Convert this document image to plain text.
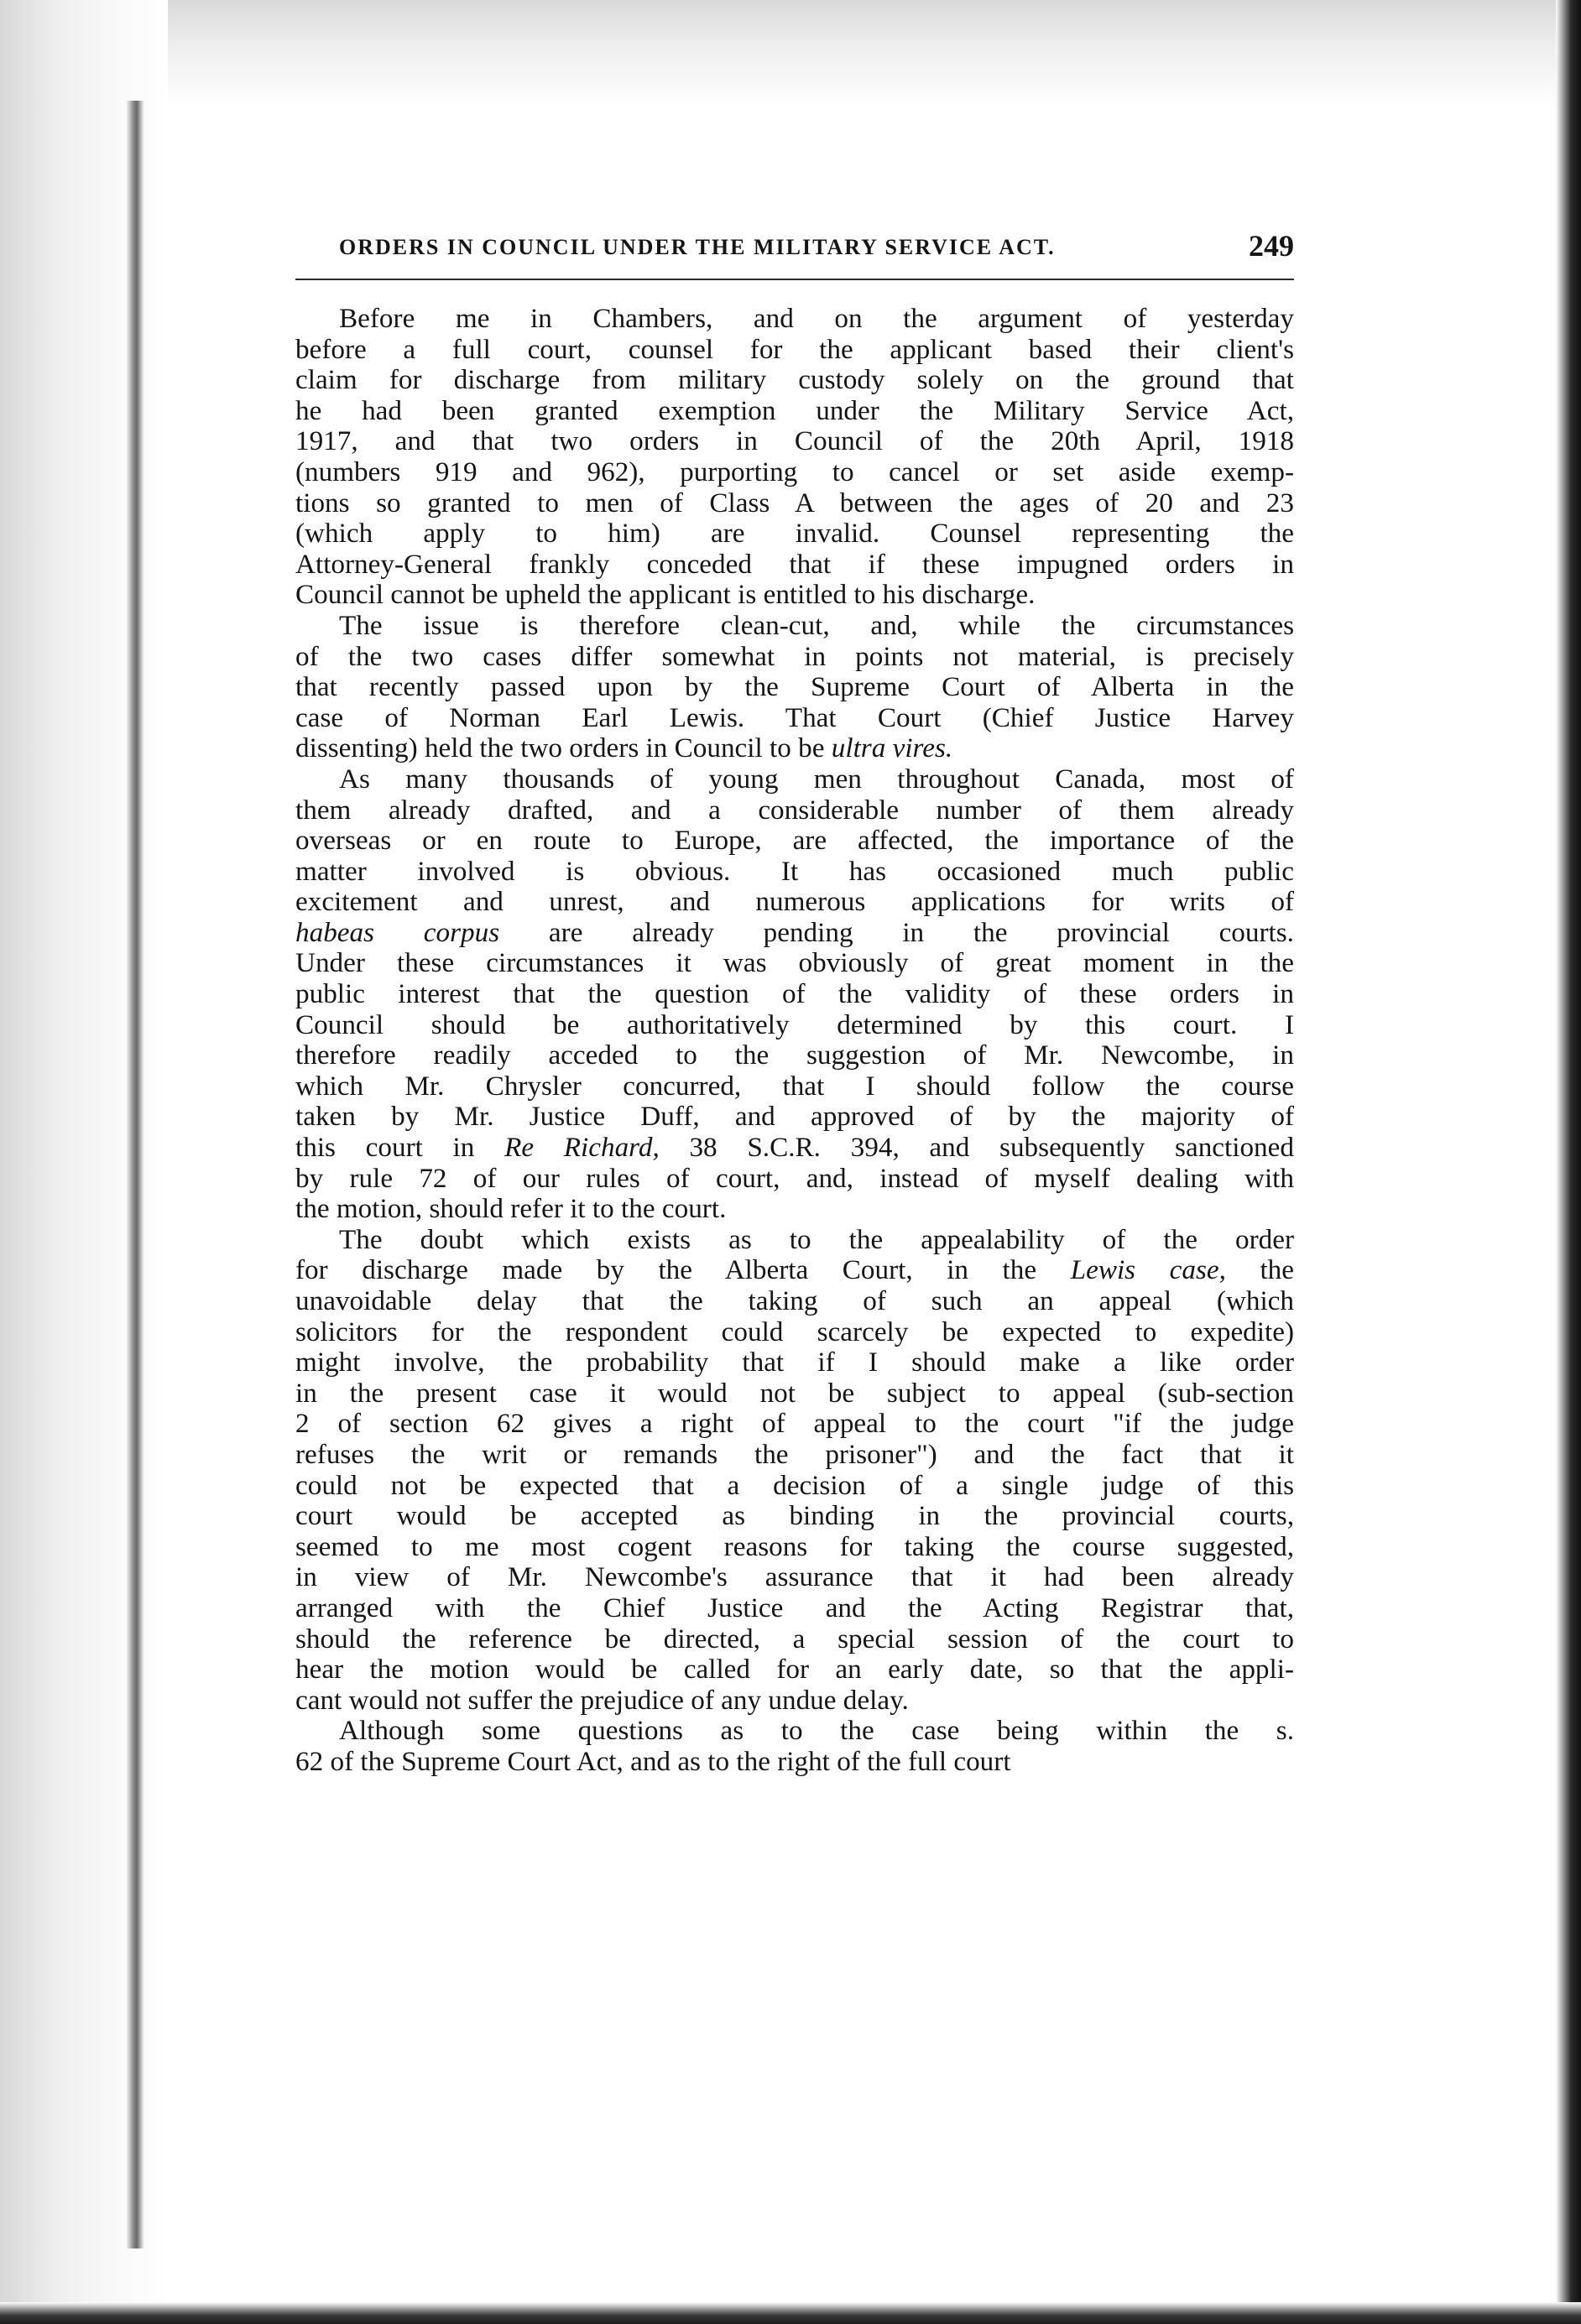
ORDERS IN COUNCIL UNDER THE MILITARY SERVICE ACT.	249

Before me in Chambers, and on the argument of yesterday
before a full court, counsel for the applicant based their client's
claim for discharge from military custody solely on the ground that
he had been granted exemption under the Military Service Act,
1917, and that two orders in Council of the 20th April, 1918
(numbers 919 and 962), purporting to cancel or set aside exemp-
tions so granted to men of Class A between the ages of 20 and 23
(which apply to him) are invalid. Counsel representing the
Attorney-General frankly conceded that if these impugned orders in
Council cannot be upheld the applicant is entitled to his discharge.

The issue is therefore clean-cut, and, while the circumstances
of the two cases differ somewhat in points not material, is precisely
that recently passed upon by the Supreme Court of Alberta in the
case of Norman Earl Lewis. That Court (Chief Justice Harvey
dissenting) held the two orders in Council to be ultra vires.

As many thousands of young men throughout Canada, most of
them already drafted, and a considerable number of them already
overseas or en route to Europe, are affected, the importance of the
matter involved is obvious. It has occasioned much public
excitement and unrest, and numerous applications for writs of
habeas corpus are already pending in the provincial courts.
Under these circumstances it was obviously of great moment in the
public interest that the question of the validity of these orders in
Council should be authoritatively determined by this court. I
therefore readily acceded to the suggestion of Mr. Newcombe, in
which Mr. Chrysler concurred, that I should follow the course
taken by Mr. Justice Duff, and approved of by the majority of
this court in Re Richard, 38 S.C.R. 394, and subsequently sanctioned
by rule 72 of our rules of court, and, instead of myself dealing with
the motion, should refer it to the court.

The doubt which exists as to the appealability of the order
for discharge made by the Alberta Court, in the Lewis case, the
unavoidable delay that the taking of such an appeal (which
solicitors for the respondent could scarcely be expected to expedite)
might involve, the probability that if I should make a like order
in the present case it would not be subject to appeal (sub-section
2 of section 62 gives a right of appeal to the court "if the judge
refuses the writ or remands the prisoner") and the fact that it
could not be expected that a decision of a single judge of this
court would be accepted as binding in the provincial courts,
seemed to me most cogent reasons for taking the course suggested,
in view of Mr. Newcombe's assurance that it had been already
arranged with the Chief Justice and the Acting Registrar that,
should the reference be directed, a special session of the court to
hear the motion would be called for an early date, so that the appli-
cant would not suffer the prejudice of any undue delay.

Although some questions as to the case being within the s.
62 of the Supreme Court Act, and as to the right of the full court
